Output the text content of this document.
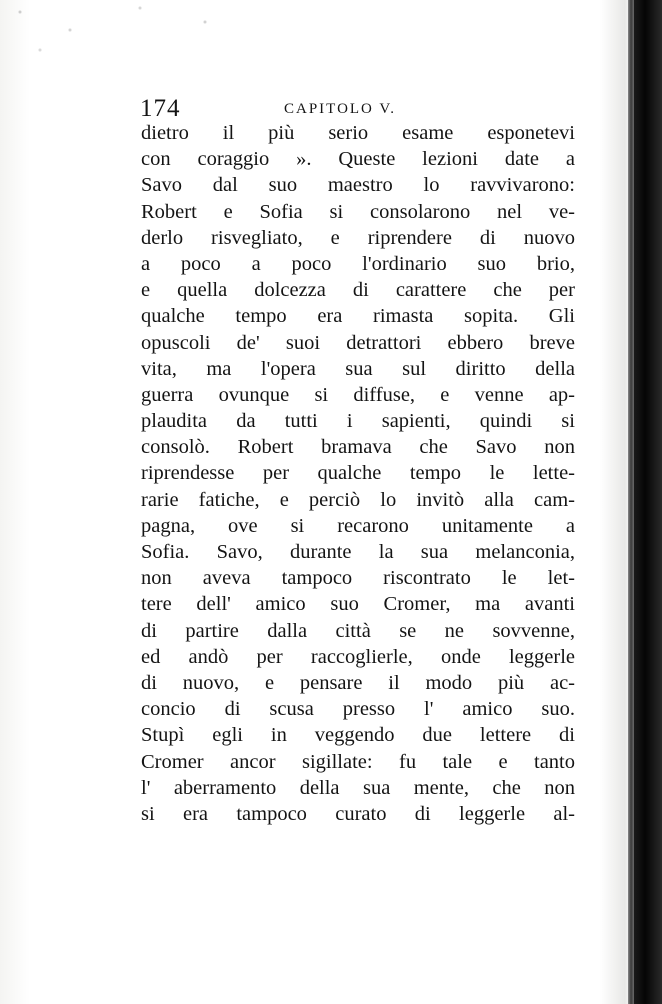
174	CAPITOLO V.
dietro il più serio esame esponetevi
con coraggio ». Queste lezioni date a
Savo dal suo maestro lo ravvivarono:
Robert e Sofia si consolarono nel ve-
derlo risvegliato, e riprendere di nuovo
a poco a poco l'ordinario suo brio,
e quella dolcezza di carattere che per
qualche tempo era rimasta sopita. Gli
opuscoli de' suoi detrattori ebbero breve
vita, ma l'opera sua sul diritto della
guerra ovunque si diffuse, e venne ap-
plaudita da tutti i sapienti, quindi si
consolò. Robert bramava che Savo non
riprendesse per qualche tempo le lette-
rarie fatiche, e perciò lo invitò alla cam-
pagna, ove si recarono unitamente a
Sofia. Savo, durante la sua melanconia,
non aveva tampoco riscontrato le let-
tere dell' amico suo Cromer, ma avanti
di partire dalla città se ne sovvenne,
ed andò per raccoglierle, onde leggerle
di nuovo, e pensare il modo più ac-
concio di scusa presso l' amico suo.
Stupì egli in veggendo due lettere di
Cromer ancor sigillate: fu tale e tanto
l' aberramento della sua mente, che non
si era tampoco curato di leggerle al-
